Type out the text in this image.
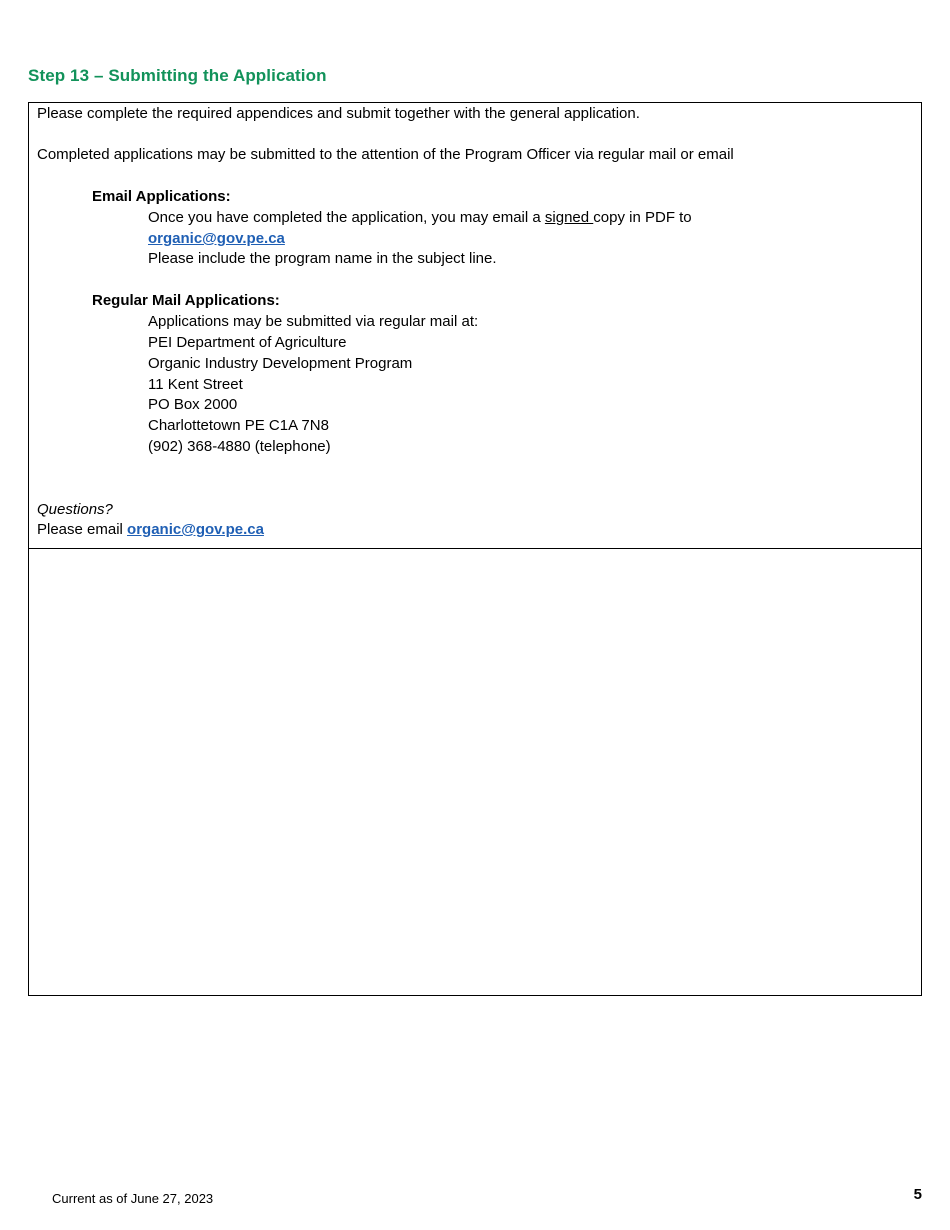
Step 13 – Submitting the Application
Please complete the required appendices and submit together with the general application.
Completed applications may be submitted to the attention of the Program Officer via regular mail or email
Email Applications:
Once you have completed the application, you may email a signed copy in PDF to
organic@gov.pe.ca
Please include the program name in the subject line.
Regular Mail Applications:
Applications may be submitted via regular mail at:
PEI Department of Agriculture
Organic Industry Development Program
11 Kent Street
PO Box 2000
Charlottetown PE C1A 7N8
(902) 368-4880 (telephone)
Questions?
Please email organic@gov.pe.ca
Current as of June 27, 2023	5
